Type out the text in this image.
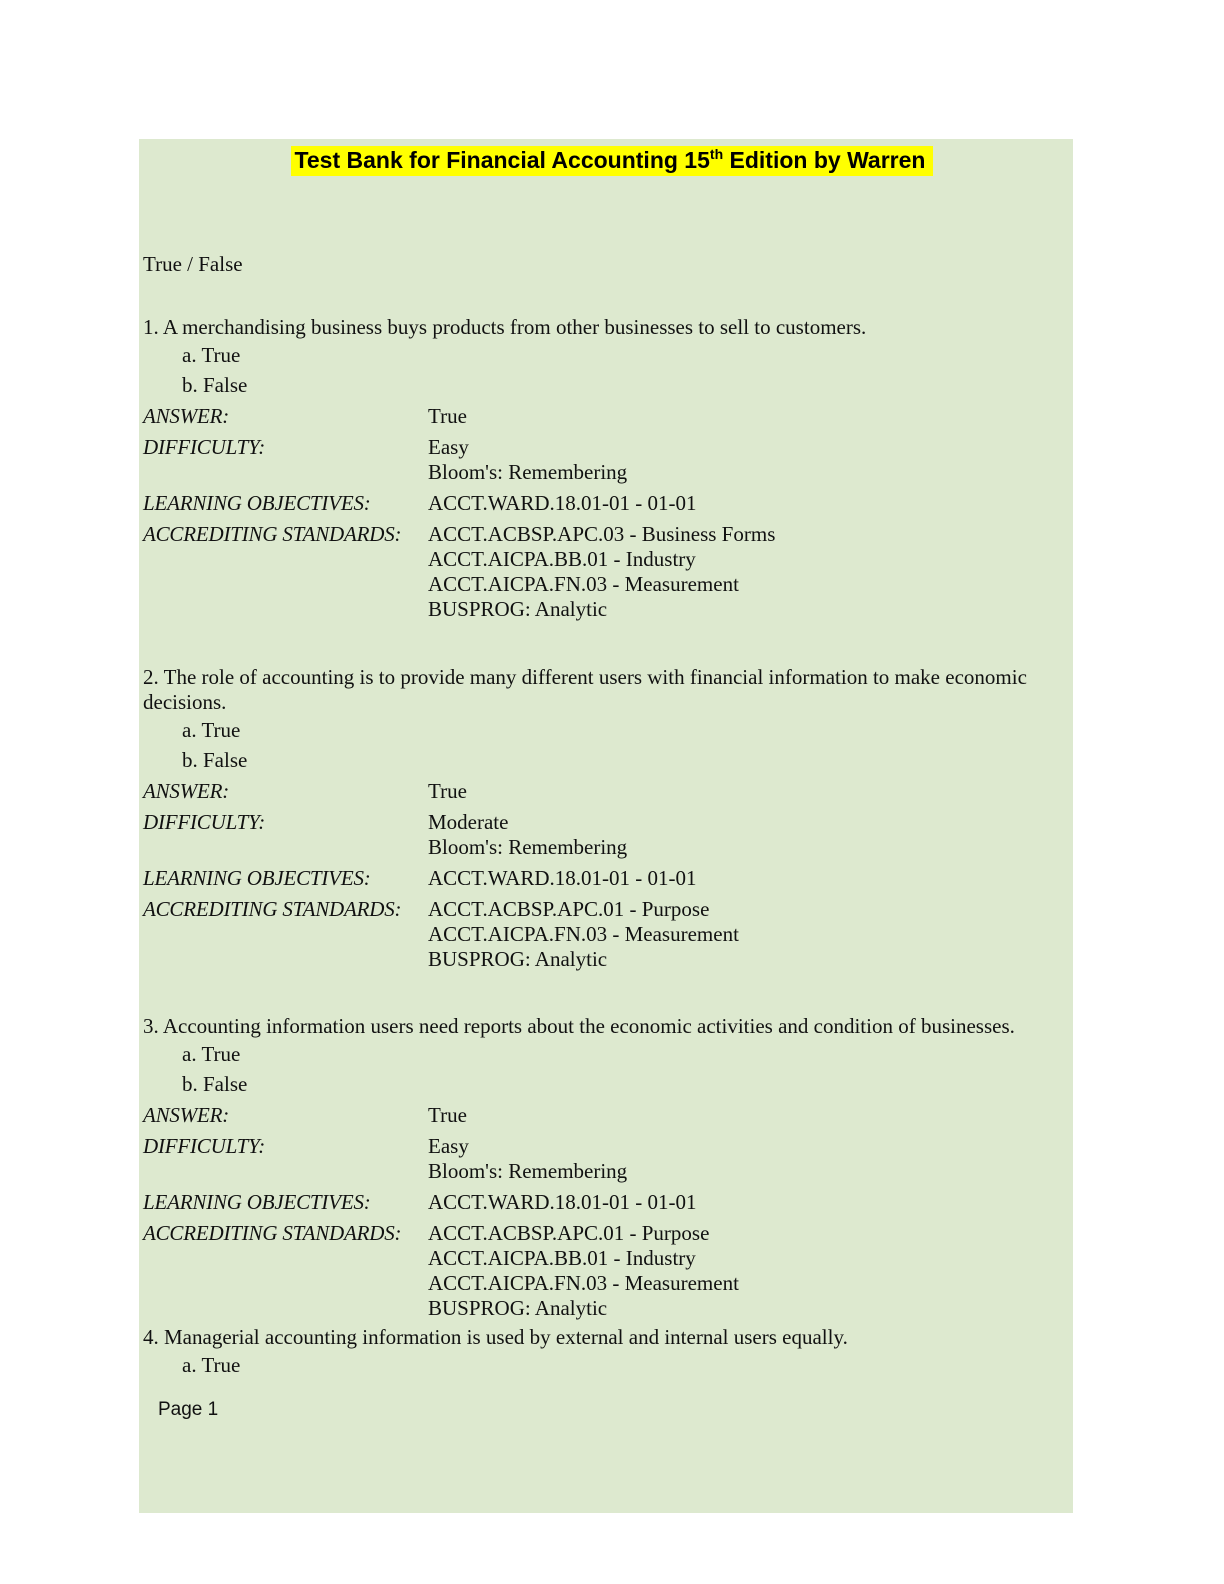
Test Bank for Financial Accounting 15th Edition by Warren
True / False
1. A merchandising business buys products from other businesses to sell to customers.
a. True
b. False
ANSWER:	True
DIFFICULTY:	Easy
Bloom's: Remembering
LEARNING OBJECTIVES:	ACCT.WARD.18.01-01 - 01-01
ACCREDITING STANDARDS: ACCT.ACBSP.APC.03 - Business Forms
ACCT.AICPA.BB.01 - Industry
ACCT.AICPA.FN.03 - Measurement
BUSPROG: Analytic
2. The role of accounting is to provide many different users with financial information to make economic decisions.
a. True
b. False
ANSWER:	True
DIFFICULTY:	Moderate
Bloom's: Remembering
LEARNING OBJECTIVES:	ACCT.WARD.18.01-01 - 01-01
ACCREDITING STANDARDS: ACCT.ACBSP.APC.01 - Purpose
ACCT.AICPA.FN.03 - Measurement
BUSPROG: Analytic
3. Accounting information users need reports about the economic activities and condition of businesses.
a. True
b. False
ANSWER:	True
DIFFICULTY:	Easy
Bloom's: Remembering
LEARNING OBJECTIVES:	ACCT.WARD.18.01-01 - 01-01
ACCREDITING STANDARDS: ACCT.ACBSP.APC.01 - Purpose
ACCT.AICPA.BB.01 - Industry
ACCT.AICPA.FN.03 - Measurement
BUSPROG: Analytic
4. Managerial accounting information is used by external and internal users equally.
a. True
Page 1
